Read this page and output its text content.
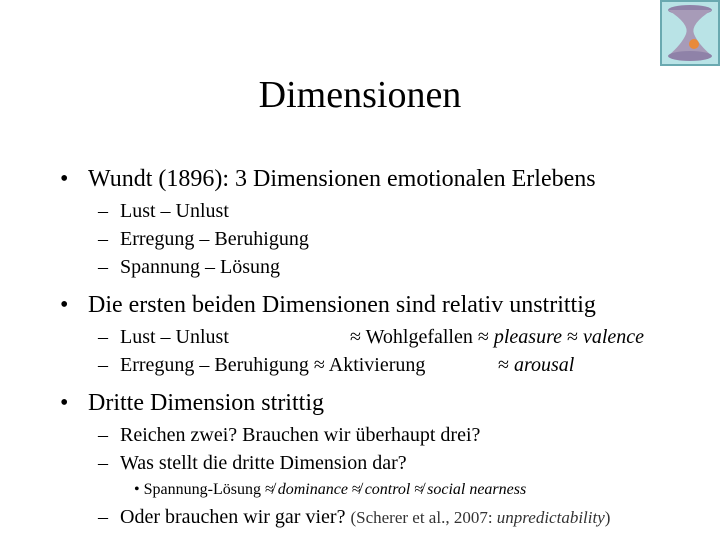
Dimensionen
• Wundt (1896): 3 Dimensionen emotionalen Erlebens
– Lust – Unlust
– Erregung – Beruhigung
– Spannung – Lösung
• Die ersten beiden Dimensionen sind relativ unstrittig
– Lust – Unlust	≈ Wohlgefallen ≈ pleasure ≈ valence
– Erregung – Beruhigung ≈ Aktivierung	≈ arousal
• Dritte Dimension strittig
– Reichen zwei? Brauchen wir überhaupt drei?
– Was stellt die dritte Dimension dar?
• Spannung-Lösung ≉ dominance ≉ control ≉ social nearness
– Oder brauchen wir gar vier? (Scherer et al., 2007: unpredictability)
